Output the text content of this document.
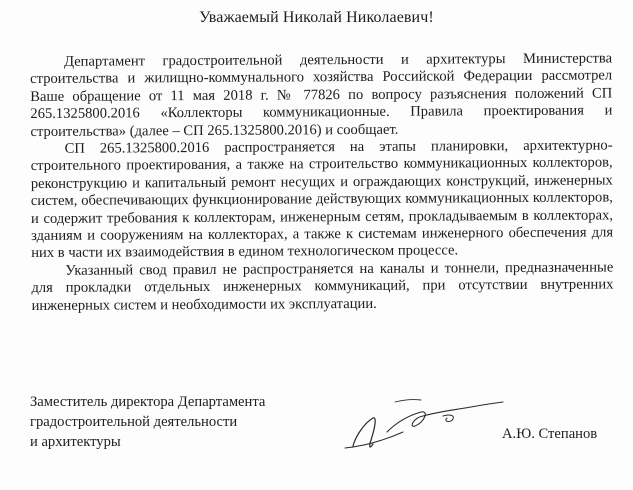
Уважаемый Николай Николаевич!

Департамент градостроительной деятельности и архитектуры Министерства строительства и жилищно-коммунального хозяйства Российской Федерации рассмотрел Ваше обращение от 11 мая 2018 г. № 77826 по вопросу разъяснения положений СП 265.1325800.2016 «Коллекторы коммуникационные. Правила проектирования и строительства» (далее – СП 265.1325800.2016) и сообщает.

СП 265.1325800.2016 распространяется на этапы планировки, архитектурно-строительного проектирования, а также на строительство коммуникационных коллекторов, реконструкцию и капитальный ремонт несущих и ограждающих конструкций, инженерных систем, обеспечивающих функционирование действующих коммуникационных коллекторов, и содержит требования к коллекторам, инженерным сетям, прокладываемым в коллекторах, зданиям и сооружениям на коллекторах, а также к системам инженерного обеспечения для них в части их взаимодействия в едином технологическом процессе.

Указанный свод правил не распространяется на каналы и тоннели, предназначенные для прокладки отдельных инженерных коммуникаций, при отсутствии внутренних инженерных систем и необходимости их эксплуатации.

Заместитель директора Департамента
градостроительной деятельности
и архитектуры	А.Ю. Степанов
